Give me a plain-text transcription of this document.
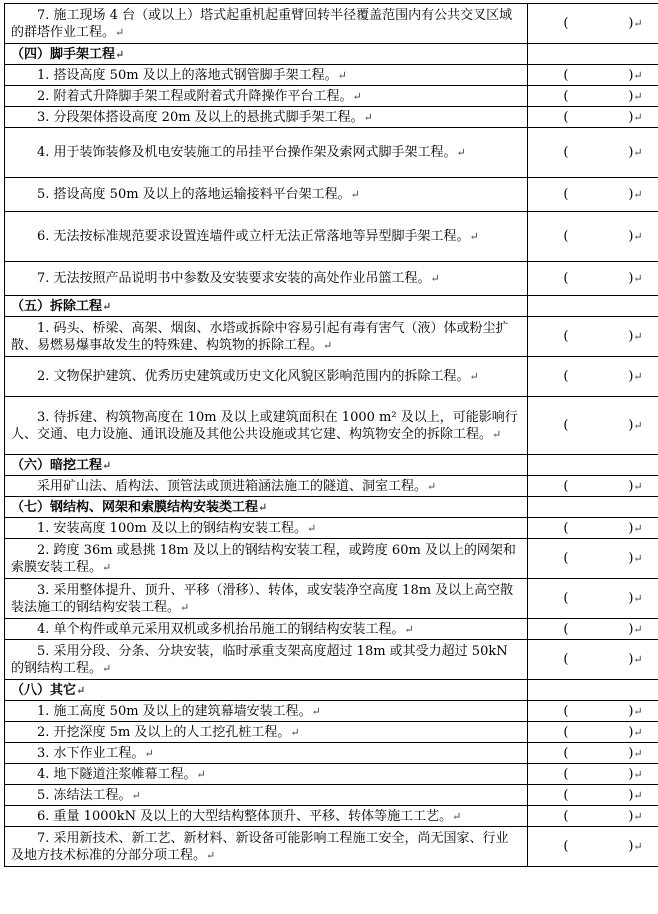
7. 施工现场 4 台（或以上）塔式起重机起重臂回转半径覆盖范围内有公共交叉区域的群塔作业工程。↵	( ) ↵
（四）脚手架工程↵	
1. 搭设高度 50m 及以上的落地式钢管脚手架工程。↵	( ) ↵
2. 附着式升降脚手架工程或附着式升降操作平台工程。↵	( ) ↵
3. 分段架体搭设高度 20m 及以上的悬挑式脚手架工程。↵	( ) ↵
4. 用于装饰装修及机电安装施工的吊挂平台操作架及索网式脚手架工程。↵	( ) ↵
5. 搭设高度 50m 及以上的落地运输接料平台架工程。↵	( ) ↵
6. 无法按标准规范要求设置连墙件或立杆无法正常落地等异型脚手架工程。↵	( ) ↵
7. 无法按照产品说明书中参数及安装要求安装的高处作业吊篮工程。↵	( ) ↵
（五）拆除工程↵	
1. 码头、桥梁、高架、烟囱、水塔或拆除中容易引起有毒有害气（液）体或粉尘扩散、易燃易爆事故发生的特殊建、构筑物的拆除工程。↵	( ) ↵
2. 文物保护建筑、优秀历史建筑或历史文化风貌区影响范围内的拆除工程。↵	( ) ↵
3. 待拆建、构筑物高度在 10m 及以上或建筑面积在 1000 m² 及以上，可能影响行人、交通、电力设施、通讯设施及其他公共设施或其它建、构筑物安全的拆除工程。↵	( ) ↵
（六）暗挖工程↵	
采用矿山法、盾构法、顶管法或顶进箱涵法施工的隧道、洞室工程。↵	( ) ↵
（七）钢结构、网架和索膜结构安装类工程↵	
1. 安装高度 100m 及以上的钢结构安装工程。↵	( ) ↵
2. 跨度 36m 或悬挑 18m 及以上的钢结构安装工程，或跨度 60m 及以上的网架和索膜安装工程。↵	( ) ↵
3. 采用整体提升、顶升、平移（滑移）、转体，或安装净空高度 18m 及以上高空散装法施工的钢结构安装工程。↵	( ) ↵
4. 单个构件或单元采用双机或多机抬吊施工的钢结构安装工程。↵	( ) ↵
5. 采用分段、分条、分块安装，临时承重支架高度超过 18m 或其受力超过 50kN 的钢结构工程。↵	( ) ↵
（八）其它↵	
1. 施工高度 50m 及以上的建筑幕墙安装工程。↵	( ) ↵
2. 开挖深度 5m 及以上的人工挖孔桩工程。↵	( ) ↵
3. 水下作业工程。↵	( ) ↵
4. 地下隧道注浆帷幕工程。↵	( ) ↵
5. 冻结法工程。↵	( ) ↵
6. 重量 1000kN 及以上的大型结构整体顶升、平移、转体等施工工艺。↵	( ) ↵
7. 采用新技术、新工艺、新材料、新设备可能影响工程施工安全，尚无国家、行业及地方技术标准的分部分项工程。↵	( ) ↵
